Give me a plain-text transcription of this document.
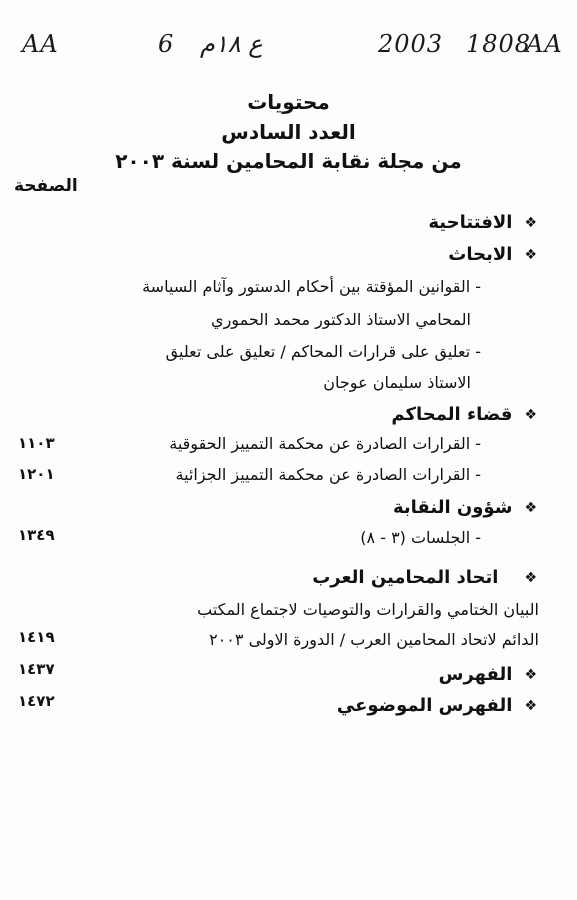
AA	6 ع ١٨م	2003 1808
AA
محتويات
العدد السادس
من مجلة نقابة المحامين لسنة ٢٠٠٣
الصفحة
❖
الافتتاحية
❖
الابحاث
- القوانين المؤقتة بين أحكام الدستور وآثام السياسة
المحامي الاستاذ الدكتور محمد الحموري
- تعليق على قرارات المحاكم / تعليق على تعليق
الاستاذ سليمان عوجان
❖
قضاء المحاكم
- القرارات الصادرة عن محكمة التمييز الحقوقية
١١٠٣
- القرارات الصادرة عن محكمة التمييز الجزائية
١٢٠١
❖
شؤون النقابة
- الجلسات (٣ - ٨)
١٣٤٩
❖
اتحاد المحامين العرب
البيان الختامي والقرارات والتوصيات لاجتماع المكتب
الدائم لاتحاد المحامين العرب / الدورة الاولى ٢٠٠٣
١٤١٩
❖
الفهرس
١٤٣٧
❖
الفهرس الموضوعي
١٤٧٢
